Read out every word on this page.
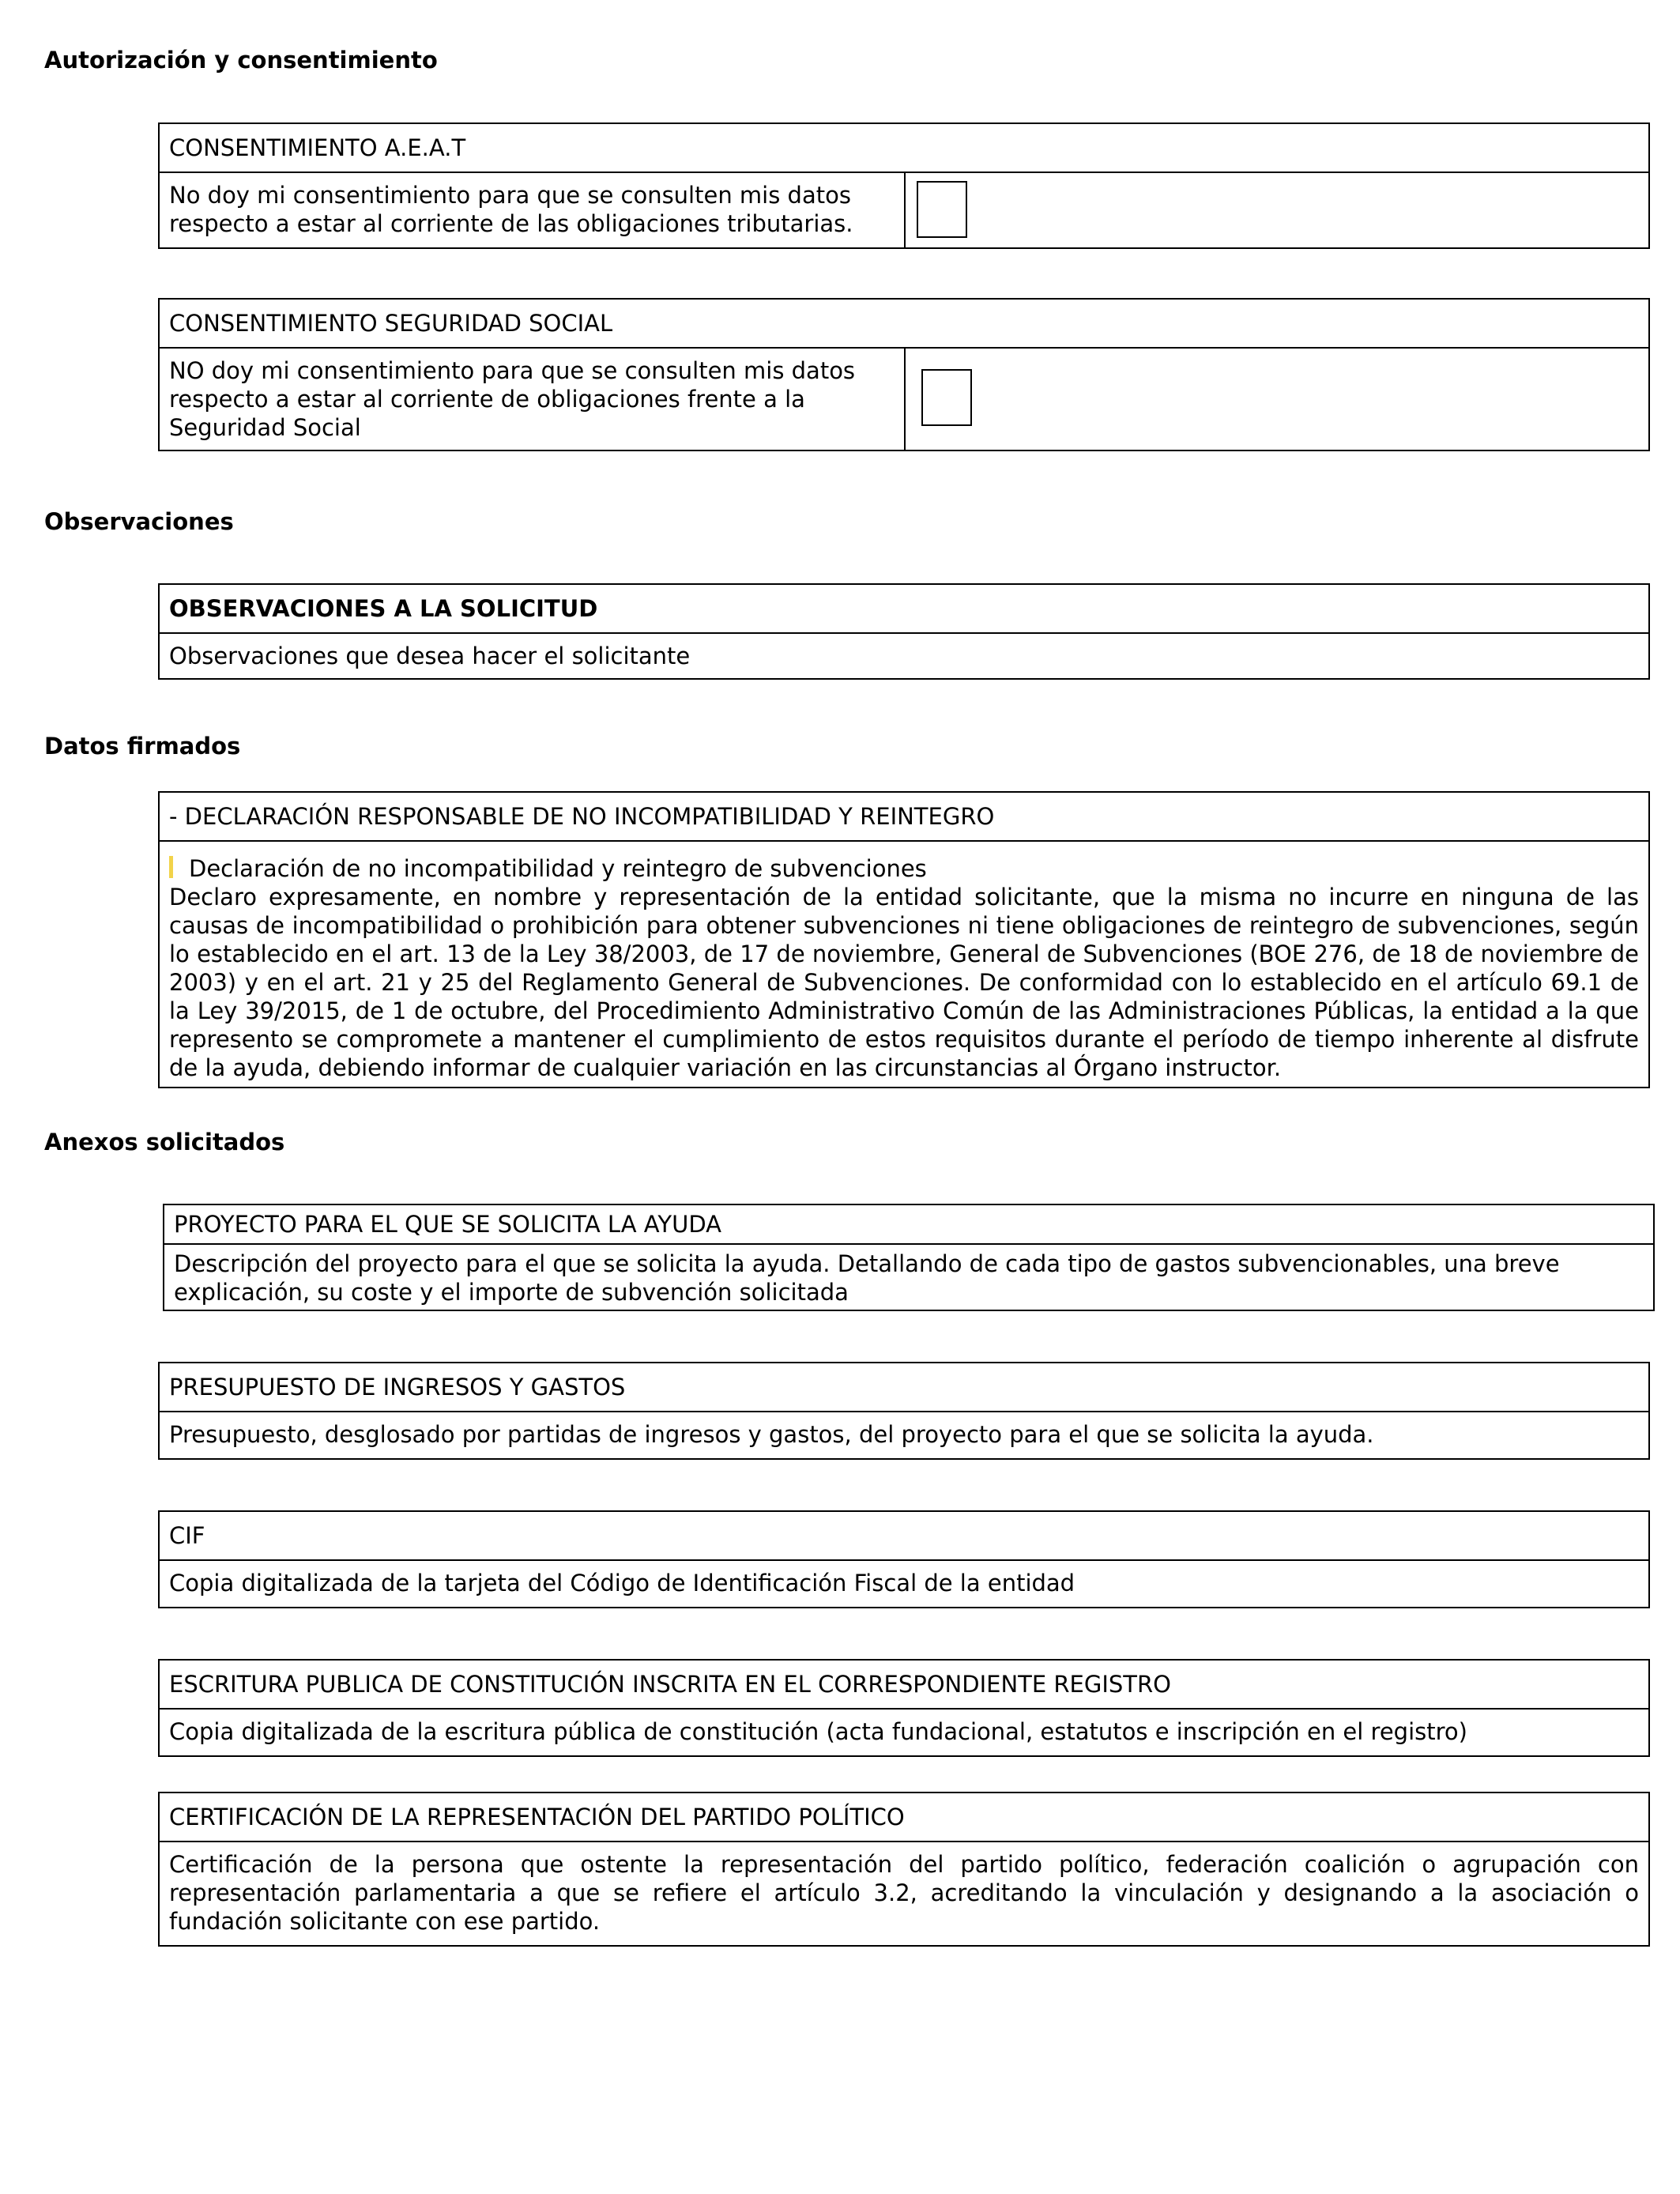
Autorización y consentimiento
CONSENTIMIENTO A.E.A.T
No doy mi consentimiento para que se consulten mis datos respecto a estar al corriente de las obligaciones tributarias.
CONSENTIMIENTO SEGURIDAD SOCIAL
NO doy mi consentimiento para que se consulten mis datos respecto a estar al corriente de obligaciones frente a la Seguridad Social
Observaciones
OBSERVACIONES A LA SOLICITUD
Observaciones que desea hacer el solicitante
Datos firmados
- DECLARACIÓN RESPONSABLE DE NO INCOMPATIBILIDAD Y REINTEGRO
Declaración de no incompatibilidad y reintegro de subvenciones
Declaro expresamente, en nombre y representación de la entidad solicitante, que la misma no incurre en ninguna de las causas de incompatibilidad o prohibición para obtener subvenciones ni tiene obligaciones de reintegro de subvenciones, según lo establecido en el art. 13 de la Ley 38/2003, de 17 de noviembre, General de Subvenciones (BOE 276, de 18 de noviembre de 2003) y en el art. 21 y 25 del Reglamento General de Subvenciones. De conformidad con lo establecido en el artículo 69.1 de la Ley 39/2015, de 1 de octubre, del Procedimiento Administrativo Común de las Administraciones Públicas, la entidad a la que represento se compromete a mantener el cumplimiento de estos requisitos durante el período de tiempo inherente al disfrute de la ayuda, debiendo informar de cualquier variación en las circunstancias al Órgano instructor.
Anexos solicitados
PROYECTO PARA EL QUE SE SOLICITA LA AYUDA
Descripción del proyecto para el que se solicita la ayuda. Detallando de cada tipo de gastos subvencionables, una breve explicación, su coste y el importe de subvención solicitada
PRESUPUESTO DE INGRESOS Y GASTOS
Presupuesto, desglosado por partidas de ingresos y gastos, del proyecto para el que se solicita la ayuda.
CIF
Copia digitalizada de la tarjeta del Código de Identificación Fiscal de la entidad
ESCRITURA PUBLICA DE CONSTITUCIÓN INSCRITA EN EL CORRESPONDIENTE REGISTRO
Copia digitalizada de la escritura pública de constitución (acta fundacional, estatutos e inscripción en el registro)
CERTIFICACIÓN DE LA REPRESENTACIÓN DEL PARTIDO POLÍTICO
Certificación de la persona que ostente la representación del partido político, federación coalición o agrupación con representación parlamentaria a que se refiere el artículo 3.2, acreditando la vinculación y designando a la asociación o fundación solicitante con ese partido.
